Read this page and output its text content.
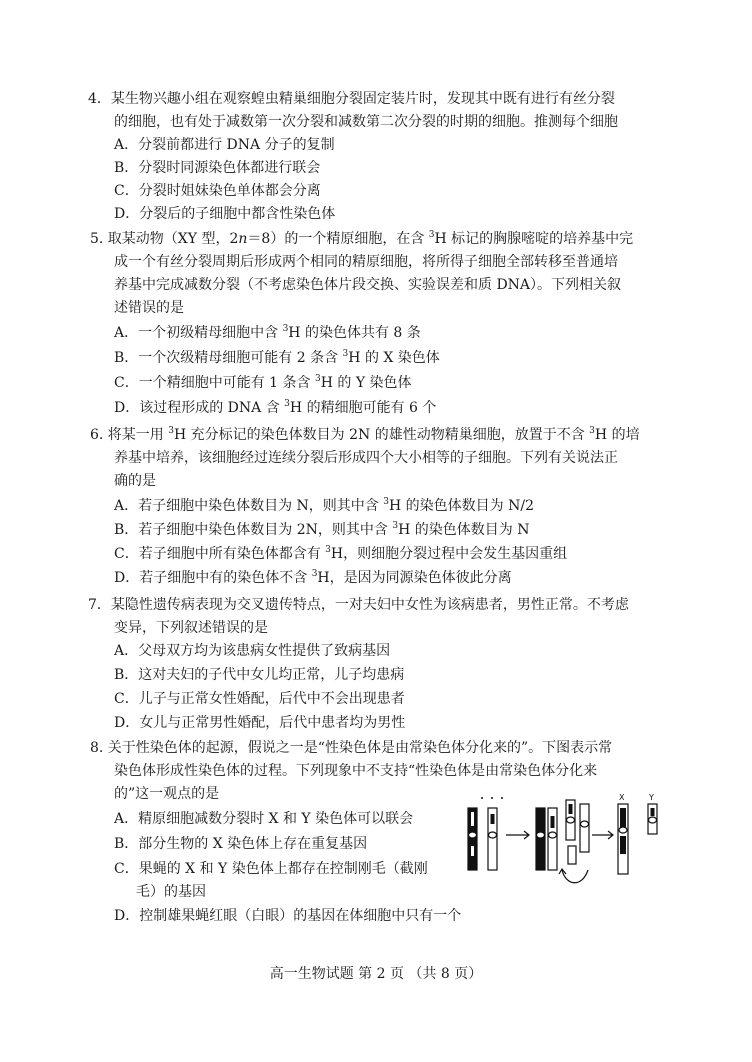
4．某生物兴趣小组在观察蝗虫精巢细胞分裂固定装片时，发现其中既有进行有丝分裂
的细胞，也有处于减数第一次分裂和减数第二次分裂的时期的细胞。推测每个细胞
A．分裂前都进行 DNA 分子的复制
B．分裂时同源染色体都进行联会
C．分裂时姐妹染色单体都会分离
D．分裂后的子细胞中都含性染色体
5. 取某动物（XY 型，2n＝8）的一个精原细胞，在含 $^3$H 标记的胸腺嘧啶的培养基中完
成一个有丝分裂周期后形成两个相同的精原细胞，将所得子细胞全部转移至普通培
养基中完成减数分裂（不考虑染色体片段交换、实验误差和质 DNA）。下列相关叙
述错误的是
A．一个初级精母细胞中含 $^3$H 的染色体共有 8 条
B．一个次级精母细胞可能有 2 条含 $^3$H 的 X 染色体
C．一个精细胞中可能有 1 条含 $^3$H 的 Y 染色体
D．该过程形成的 DNA 含 $^3$H 的精细胞可能有 6 个
6. 将某一用 $^3$H 充分标记的染色体数目为 2N 的雄性动物精巢细胞，放置于不含 $^3$H 的培
养基中培养，该细胞经过连续分裂后形成四个大小相等的子细胞。下列有关说法正
确的是
A．若子细胞中染色体数目为 N，则其中含 $^3$H 的染色体数目为 N/2
B．若子细胞中染色体数目为 2N，则其中含 $^3$H 的染色体数目为 N
C．若子细胞中所有染色体都含有 $^3$H，则细胞分裂过程中会发生基因重组
D．若子细胞中有的染色体不含 $^3$H，是因为同源染色体彼此分离
7．某隐性遗传病表现为交叉遗传特点，一对夫妇中女性为该病患者，男性正常。不考虑
变异，下列叙述错误的是
A．父母双方均为该患病女性提供了致病基因
B．这对夫妇的子代中女儿均正常，儿子均患病
C．儿子与正常女性婚配，后代中不会出现患者
D．女儿与正常男性婚配，后代中患者均为男性
8. 关于性染色体的起源，假说之一是“性染色体是由常染色体分化来的”。下图表示常
染色体形成性染色体的过程。下列现象中不支持“性染色体是由常染色体分化来
的”这一观点的是
A．精原细胞减数分裂时 X 和 Y 染色体可以联会
B．部分生物的 X 染色体上存在重复基因
C．果蝇的 X 和 Y 染色体上都存在控制刚毛（截刚
毛）的基因
D．控制雄果蝇红眼（白眼）的基因在体细胞中只有一个
X	Y
高一生物试题 第 2 页 （共 8 页）
